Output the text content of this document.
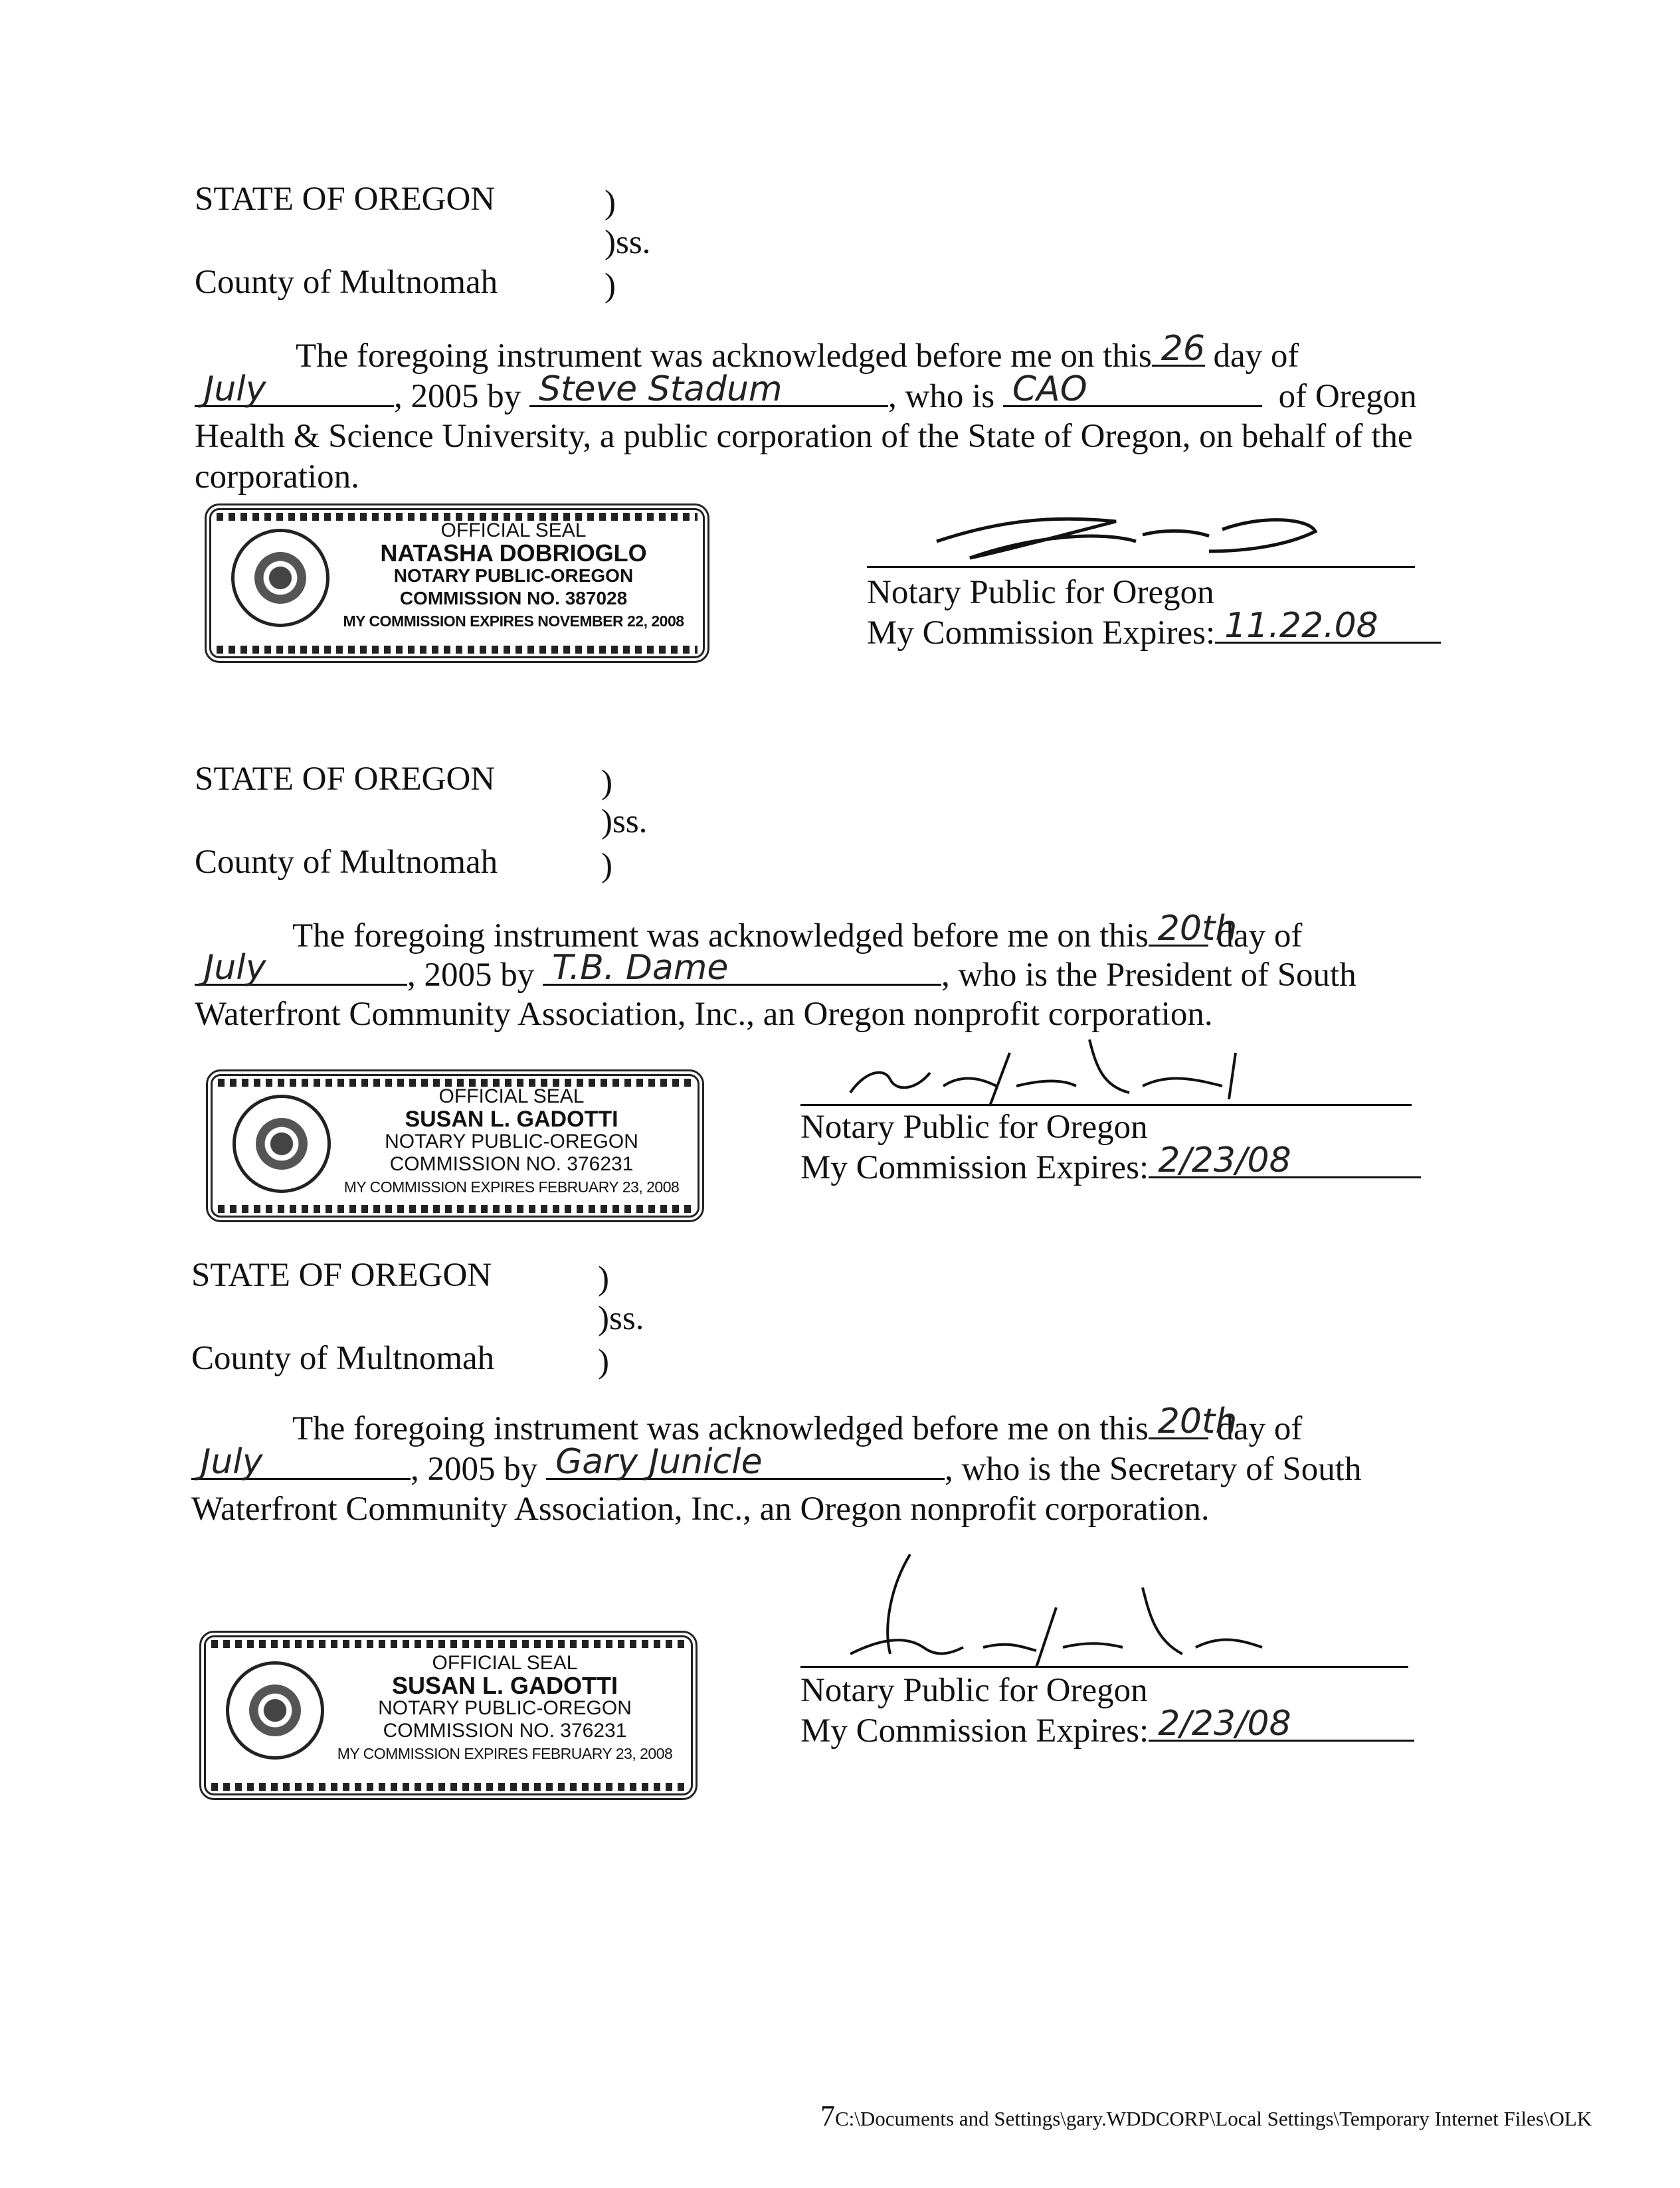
STATE OF OREGON	)
)ss.
County of Multnomah	)
The foregoing instrument was acknowledged before me on this 26 day of
July	, 2005 by Steve Stadum	, who is CAO	of Oregon
Health & Science University, a public corporation of the State of Oregon, on behalf of the
corporation.
OFFICIAL SEAL
NATASHA DOBRIOGLO
NOTARY PUBLIC-OREGON
COMMISSION NO. 387028
MY COMMISSION EXPIRES NOVEMBER 22, 2008
Notary Public for Oregon
My Commission Expires: 11.22.08
STATE OF OREGON	)
)ss.
County of Multnomah	)
The foregoing instrument was acknowledged before me on this 20th
day of
July	, 2005 by T.B. Dame	, who is the President of South
Waterfront Community Association, Inc., an Oregon nonprofit corporation.
OFFICIAL SEAL
SUSAN L. GADOTTI
NOTARY PUBLIC-OREGON
COMMISSION NO. 376231
MY COMMISSION EXPIRES FEBRUARY 23, 2008
Notary Public for Oregon
My Commission Expires: 2/23/08
STATE OF OREGON	)
)ss.
County of Multnomah	)
The foregoing instrument was acknowledged before me on this 20th
day of
July	, 2005 by Gary Junicle	, who is the Secretary of South
Waterfront Community Association, Inc., an Oregon nonprofit corporation.
OFFICIAL SEAL
SUSAN L. GADOTTI
NOTARY PUBLIC-OREGON
COMMISSION NO. 376231
MY COMMISSION EXPIRES FEBRUARY 23, 2008
Notary Public for Oregon
My Commission Expires: 2/23/08
7C:\Documents and Settings\gary.WDDCORP\Local Settings\Temporary Internet Files\OLK
